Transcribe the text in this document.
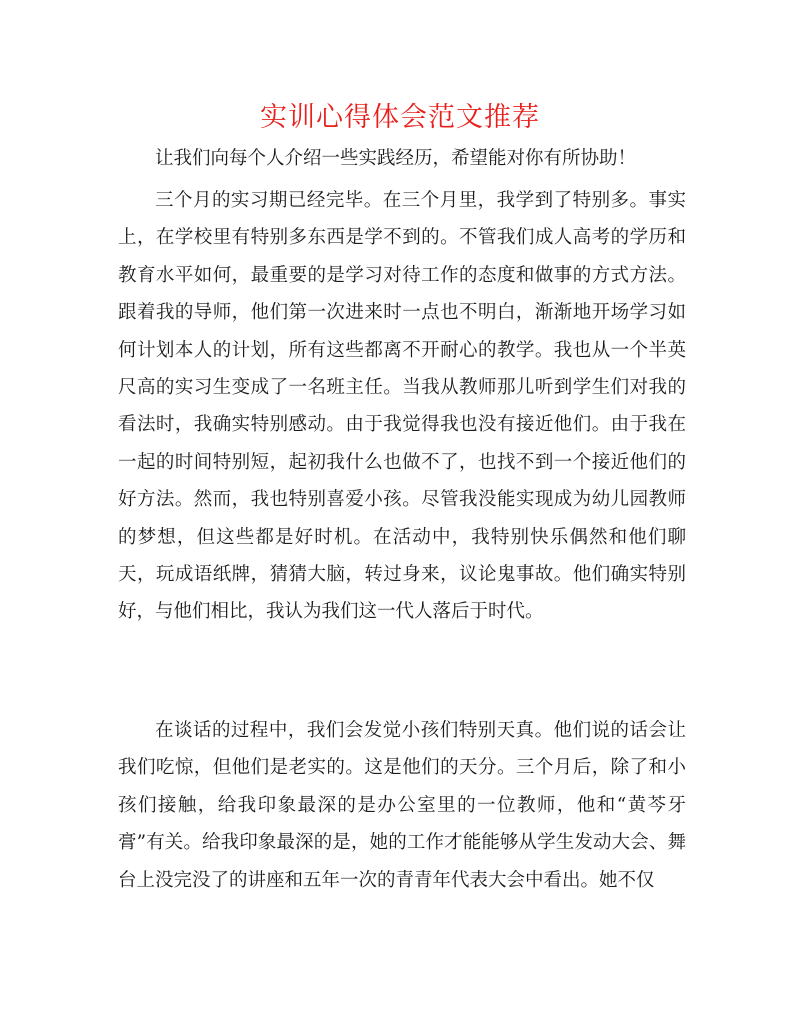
实训心得体会范文推荐

让我们向每个人介绍一些实践经历，希望能对你有所协助！

三个月的实习期已经完毕。在三个月里，我学到了特别多。事实上，在学校里有特别多东西是学不到的。不管我们成人高考的学历和教育水平如何，最重要的是学习对待工作的态度和做事的方式方法。跟着我的导师，他们第一次进来时一点也不明白，渐渐地开场学习如何计划本人的计划，所有这些都离不开耐心的教学。我也从一个半英尺高的实习生变成了一名班主任。当我从教师那儿听到学生们对我的看法时，我确实特别感动。由于我觉得我也没有接近他们。由于我在一起的时间特别短，起初我什么也做不了，也找不到一个接近他们的好方法。然而，我也特别喜爱小孩。尽管我没能实现成为幼儿园教师的梦想，但这些都是好时机。在活动中，我特别快乐偶然和他们聊天，玩成语纸牌，猜猜大脑，转过身来，议论鬼事故。他们确实特别好，与他们相比，我认为我们这一代人落后于时代。

在谈话的过程中，我们会发觉小孩们特别天真。他们说的话会让我们吃惊，但他们是老实的。这是他们的天分。三个月后，除了和小孩们接触，给我印象最深的是办公室里的一位教师，他和“黄芩牙膏”有关。给我印象最深的是，她的工作才能能够从学生发动大会、舞台上没完没了的讲座和五年一次的青青年代表大会中看出。她不仅
